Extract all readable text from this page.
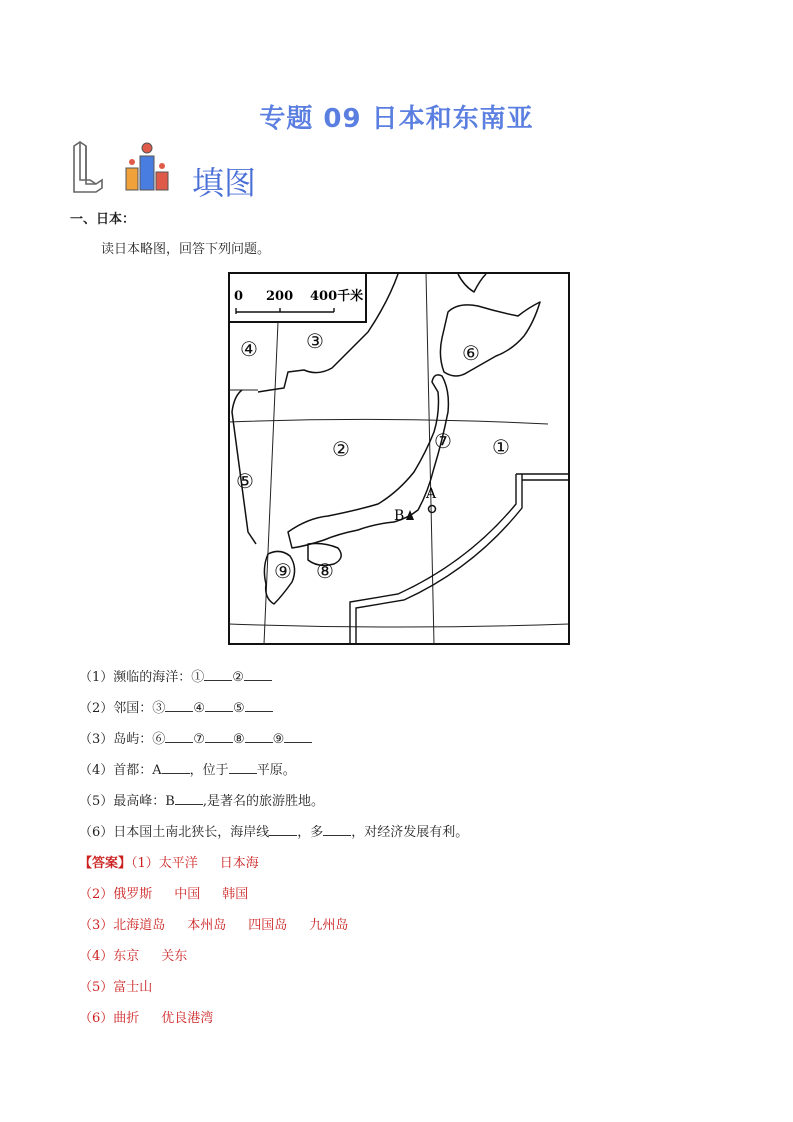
专题 09 日本和东南亚
填图
一、日本：
读日本略图，回答下列问题。
0 200 400千米
①
②
③
④
⑤
⑥
⑦
⑧
⑨
A
B
（1）濒临的海洋：① ②
（2）邻国：③ ④ ⑤
（3）岛屿：⑥ ⑦ ⑧ ⑨
（4）首都：A ，位于 平原。
（5）最高峰：B ,是著名的旅游胜地。
（6）日本国土南北狭长，海岸线 ，多 ，对经济发展有利。
【答案】（1）太平洋 日本海
（2）俄罗斯 中国 韩国
（3）北海道岛 本州岛 四国岛 九州岛
（4）东京 关东
（5）富士山
（6）曲折 优良港湾
